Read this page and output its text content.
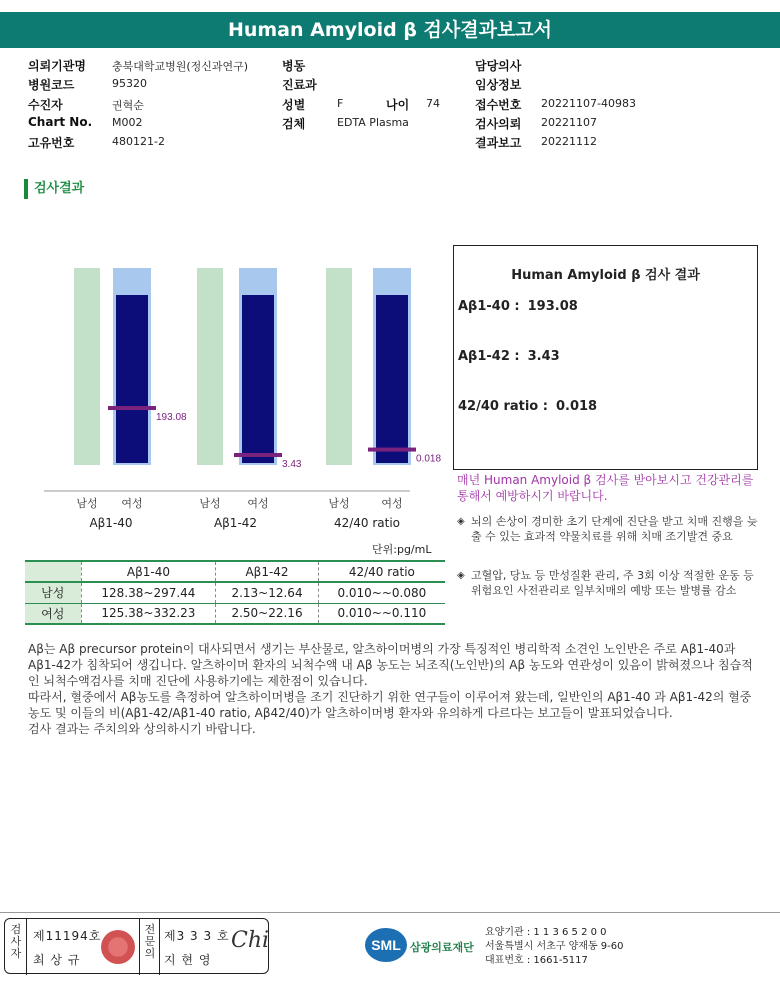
Human Amyloid β 검사결과보고서
의뢰기관명 충북대학교병원(정신과연구)
병원코드	95320
수진자	권혁순
Chart No. M002
고유번호	480121-2
병동
진료과
성별	F	나이 74
검체	EDTA Plasma
담당의사
임상정보
접수번호 20221107-40983
검사의뢰 20221107
결과보고 20221112
검사결과
193.08
남성 여성
Aβ1-40
3.43
남성 여성
Aβ1-42
0.018
남성	여성
42/40 ratio
단위:pg/mL
	Aβ1-40	Aβ1-42	42/40 ratio
남성	128.38~297.44	2.13~12.64	0.010~~0.080
여성	125.38~332.23	2.50~22.16	0.010~~0.110
Human Amyloid β 검사 결과
Aβ1-40 : 193.08
Aβ1-42 : 3.43
42/40 ratio : 0.018
매년 Human Amyloid β 검사를 받아보시고 건강관리를 통해서 예방하시기 바랍니다.
◈ 뇌의 손상이 경미한 초기 단계에 진단을 받고 치매 진행을 늦출 수 있는 효과적 약물치료를 위해 치매 조기발견 중요
◈ 고혈압, 당뇨 등 만성질환 관리, 주 3회 이상 적절한 운동 등 위험요인 사전관리로 일부치매의 예방 또는 발병률 감소

Aβ는 Aβ precursor protein이 대사되면서 생기는 부산물로, 알츠하이머병의 가장 특징적인 병리학적 소견인 노인반은 주로 Aβ1-40과 Aβ1-42가 침착되어 생깁니다. 알츠하이머 환자의 뇌척수액 내 Aβ 농도는 뇌조직(노인반)의 Aβ 농도와 연관성이 있음이 밝혀졌으나 침습적인 뇌척수액검사를 치매 진단에 사용하기에는 제한점이 있습니다.

따라서, 혈중에서 Aβ농도를 측정하여 알츠하이머병을 조기 진단하기 위한 연구들이 이루어져 왔는데, 일반인의 Aβ1-40 과 Aβ1-42의 혈중 농도 및 이들의 비(Aβ1-42/Aβ1-40 ratio, Aβ42/40)가 알츠하이머병 환자와 유의하게 다르다는 보고들이 발표되었습니다.

검사 결과는 주치의와 상의하시기 바랍니다.

검사자
제11194호
최 상 규
전문의
제3 3 3 호
지 현 영
Chi	SML 삼광의료재단
요양기관 : 1 1 3 6 5 2 0 0
서울특별시 서초구 양재동 9-60
대표번호 : 1661-5117
